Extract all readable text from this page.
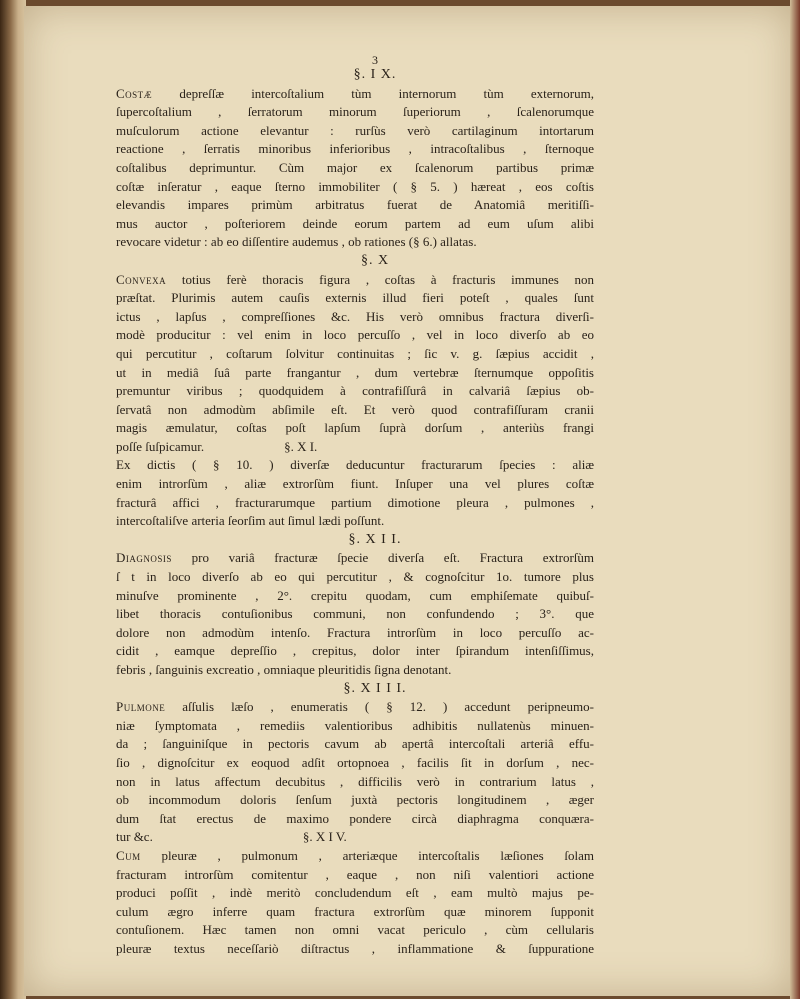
3
§. I X.
Costæ depreſſæ intercoſtalium tùm internorum tùm externorum,
ſupercoſtalium , ſerratorum minorum ſuperiorum , ſcalenorumque
muſculorum actione elevantur : rurſùs verò cartilaginum intortarum
reactione , ſerratis minoribus inferioribus , intracoſtalibus , ſternoque
coſtalibus deprimuntur. Cùm major ex ſcalenorum partibus primæ
coſtæ inſeratur , eaque ſterno immobiliter ( § 5. ) hæreat , eos coſtis
elevandis impares primùm arbitratus fuerat de Anatomiâ meritiſſi-
mus auctor , poſteriorem deinde eorum partem ad eum uſum alibi
revocare videtur : ab eo diſſentire audemus , ob rationes (§ 6.) allatas.
§. X
Convexa totius ferè thoracis figura , coſtas à fracturis immunes non
præſtat. Plurimis autem cauſis externis illud fieri poteſt , quales ſunt
ictus , lapſus , compreſſiones &c. His verò omnibus fractura diverſi-
modè producitur : vel enim in loco percuſſo , vel in loco diverſo ab eo
qui percutitur , coſtarum ſolvitur continuitas ; ſic v. g. ſæpius accidit ,
ut in mediâ ſuâ parte frangantur , dum vertebræ ſternumque oppoſitis
premuntur viribus ; quodquidem à contrafiſſurâ in calvariâ ſæpius ob-
ſervatâ non admodùm abſimile eſt. Et verò quod contrafiſſuram cranii
magis æmulatur, coſtas poſt lapſum ſuprà dorſum , anteriùs frangi
poſſe ſuſpicamur.	§. X I.
Ex dictis ( § 10. ) diverſæ deducuntur fracturarum ſpecies : aliæ
enim introrſùm , aliæ extrorſùm fiunt. Inſuper una vel plures coſtæ
fracturâ affici , fracturarumque partium dimotione pleura , pulmones ,
intercoſtaliſve arteria ſeorſim aut ſimul lædi poſſunt.
§. X I I.
Diagnosis pro variâ fracturæ ſpecie diverſa eſt. Fractura extrorſùm
ſ t in loco diverſo ab eo qui percutitur , & cognoſcitur 1o. tumore plus
minuſve prominente , 2°. crepitu quodam, cum emphiſemate quibuſ-
libet thoracis contuſionibus communi, non confundendo ; 3°. que
dolore non admodùm intenſo. Fractura introrſùm in loco percuſſo ac-
cidit , eamque depreſſio , crepitus, dolor inter ſpirandum intenſiſſimus,
febris , ſanguinis excreatio , omniaque pleuritidis ſigna denotant.
§. X I I I.
Pulmone aſſulis læſo , enumeratis ( § 12. ) accedunt peripneumo-
niæ ſymptomata , remediis valentioribus adhibitis nullatenùs minuen-
da ; ſanguiniſque in pectoris cavum ab apertâ intercoſtali arteriâ effu-
ſio , dignoſcitur ex eoquod adſit ortopnoea , facilis ſit in dorſum , nec-
non in latus affectum decubitus , difficilis verò in contrarium latus ,
ob incommodum doloris ſenſum juxtà pectoris longitudinem , æger
dum ſtat erectus de maximo pondere circà diaphragma conquæra-
tur &c.	§. X I V.
Cum pleuræ , pulmonum , arteriæque intercoſtalis læſiones ſolam
fracturam introrſùm comitentur , eaque , non niſi valentiori actione
produci poſſit , indè meritò concludendum eſt , eam multò majus pe-
culum ægro inferre quam fractura extrorſùm quæ minorem ſupponit
contuſionem. Hæc tamen non omni vacat periculo , cùm cellularis
pleuræ textus neceſſariò diſtractus , inflammatione & ſuppuratione
